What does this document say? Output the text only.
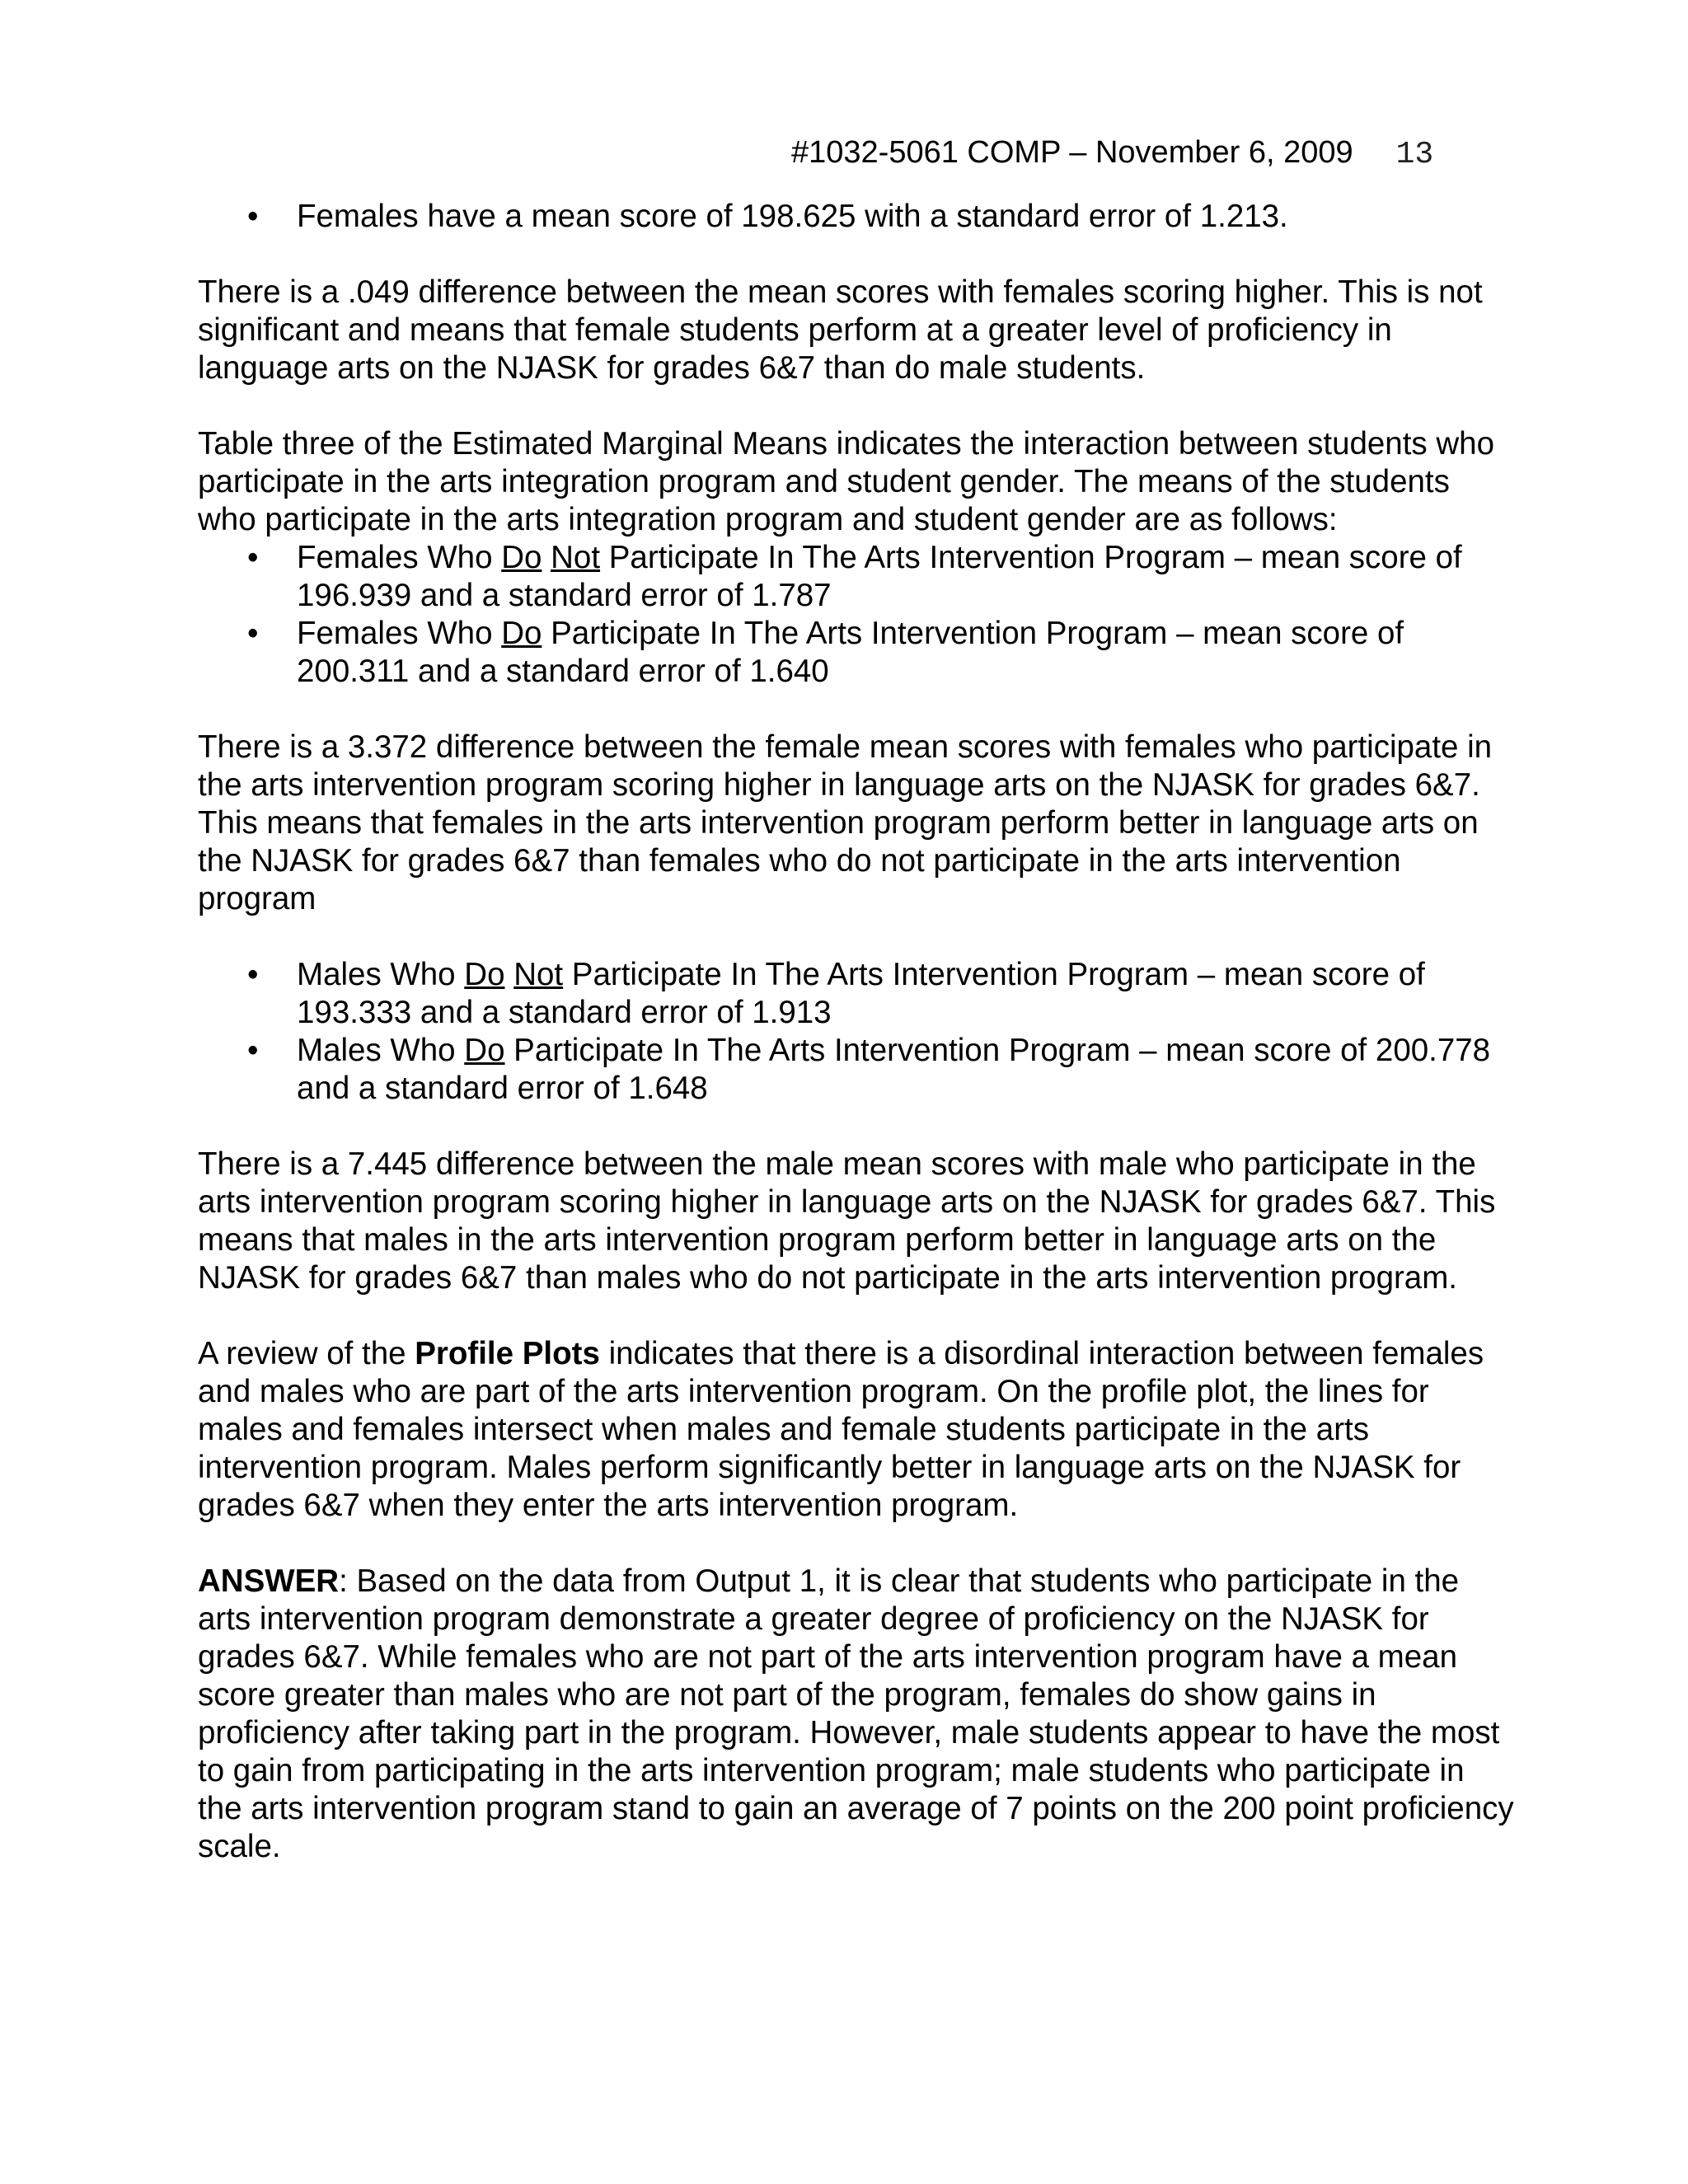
#1032-5061 COMP – November 6, 2009 13
• Females have a mean score of 198.625 with a standard error of 1.213.

There is a .049 difference between the mean scores with females scoring higher. This is not significant and means that female students perform at a greater level of proficiency in language arts on the NJASK for grades 6&7 than do male students.

Table three of the Estimated Marginal Means indicates the interaction between students who participate in the arts integration program and student gender. The means of the students who participate in the arts integration program and student gender are as follows:

• Females Who Do Not Participate In The Arts Intervention Program – mean score of 196.939 and a standard error of 1.787
• Females Who Do Participate In The Arts Intervention Program – mean score of 200.311 and a standard error of 1.640

There is a 3.372 difference between the female mean scores with females who participate in the arts intervention program scoring higher in language arts on the NJASK for grades 6&7. This means that females in the arts intervention program perform better in language arts on the NJASK for grades 6&7 than females who do not participate in the arts intervention program

• Males Who Do Not Participate In The Arts Intervention Program – mean score of 193.333 and a standard error of 1.913
• Males Who Do Participate In The Arts Intervention Program – mean score of 200.778 and a standard error of 1.648

There is a 7.445 difference between the male mean scores with male who participate in the arts intervention program scoring higher in language arts on the NJASK for grades 6&7. This means that males in the arts intervention program perform better in language arts on the NJASK for grades 6&7 than males who do not participate in the arts intervention program.

A review of the Profile Plots indicates that there is a disordinal interaction between females and males who are part of the arts intervention program. On the profile plot, the lines for males and females intersect when males and female students participate in the arts intervention program. Males perform significantly better in language arts on the NJASK for grades 6&7 when they enter the arts intervention program.

ANSWER: Based on the data from Output 1, it is clear that students who participate in the arts intervention program demonstrate a greater degree of proficiency on the NJASK for grades 6&7. While females who are not part of the arts intervention program have a mean score greater than males who are not part of the program, females do show gains in proficiency after taking part in the program. However, male students appear to have the most to gain from participating in the arts intervention program; male students who participate in the arts intervention program stand to gain an average of 7 points on the 200 point proficiency scale.
